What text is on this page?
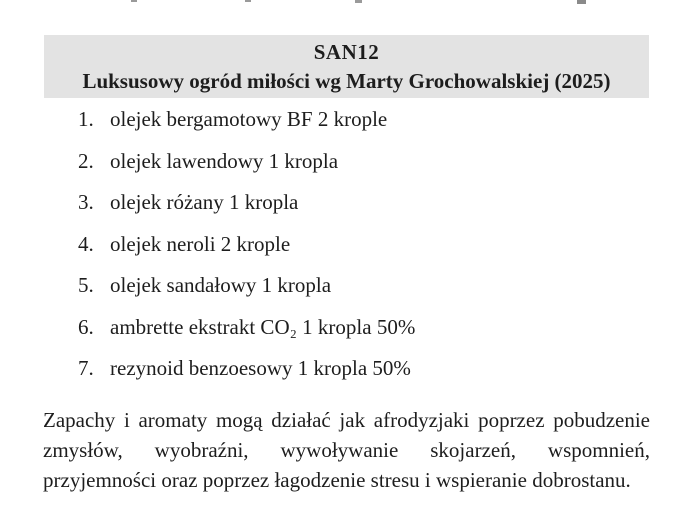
SAN12
Luksusowy ogród miłości wg Marty Grochowalskiej (2025)
1. olejek bergamotowy BF 2 krople
2. olejek lawendowy 1 kropla
3. olejek różany 1 kropla
4. olejek neroli 2 krople
5. olejek sandałowy 1 kropla
6. ambrette ekstrakt CO₂ 1 kropla 50%
7. rezynoid benzoesowy 1 kropla 50%
Zapachy i aromaty mogą działać jak afrodyzjaki poprzez pobudzenie
zmysłów, wyobraźni, wywoływanie skojarzeń, wspomnień,
przyjemności oraz poprzez łagodzenie stresu i wspieranie dobrostanu.
